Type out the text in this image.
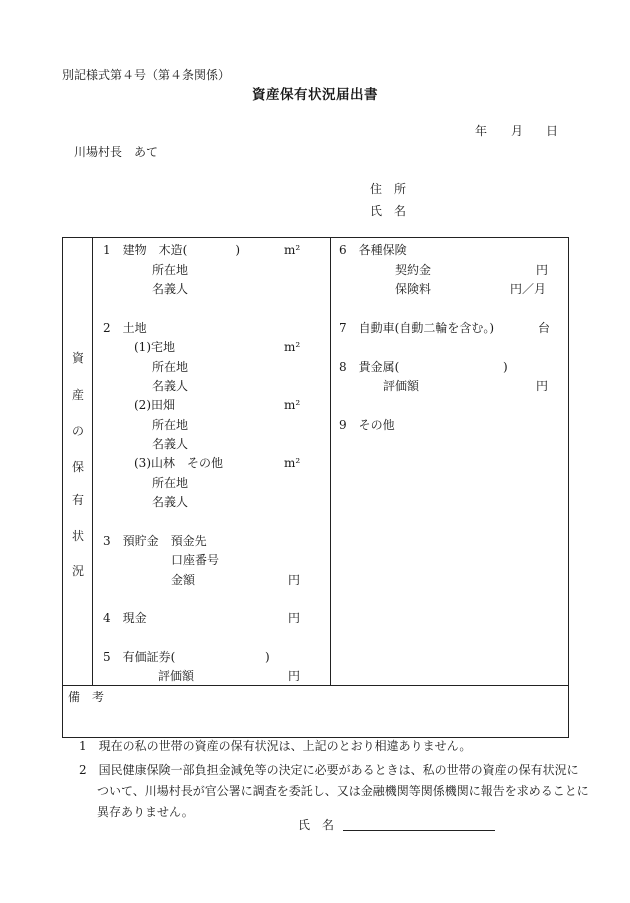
別記様式第４号（第４条関係）
資産保有状況届出書
年 月 日
川場村長　あて
住　所
氏　名
資
産
の
保
有
状
況
1　建物　木造(　　　　)	m²
所在地
名義人
2　土地
(1)宅地	m²
所在地
名義人
(2)田畑	m²
所在地
名義人
(3)山林　その他	m²
所在地
名義人
3　預貯金　預金先
口座番号
金額	円
4　現金	円
5　有価証券(	)
評価額	円
6　各種保険
契約金	円
保険料	円／月
7　自動車(自動二輪を含む。)	台
8　貴金属(	)
評価額	円
9　その他
備　考
1　現在の私の世帯の資産の保有状況は、上記のとおり相違ありません。
2　国民健康保険一部負担金減免等の決定に必要があるときは、私の世帯の資産の保有状況に
ついて、川場村長が官公署に調査を委託し、又は金融機関等関係機関に報告を求めることに
異存ありません。
氏　名
